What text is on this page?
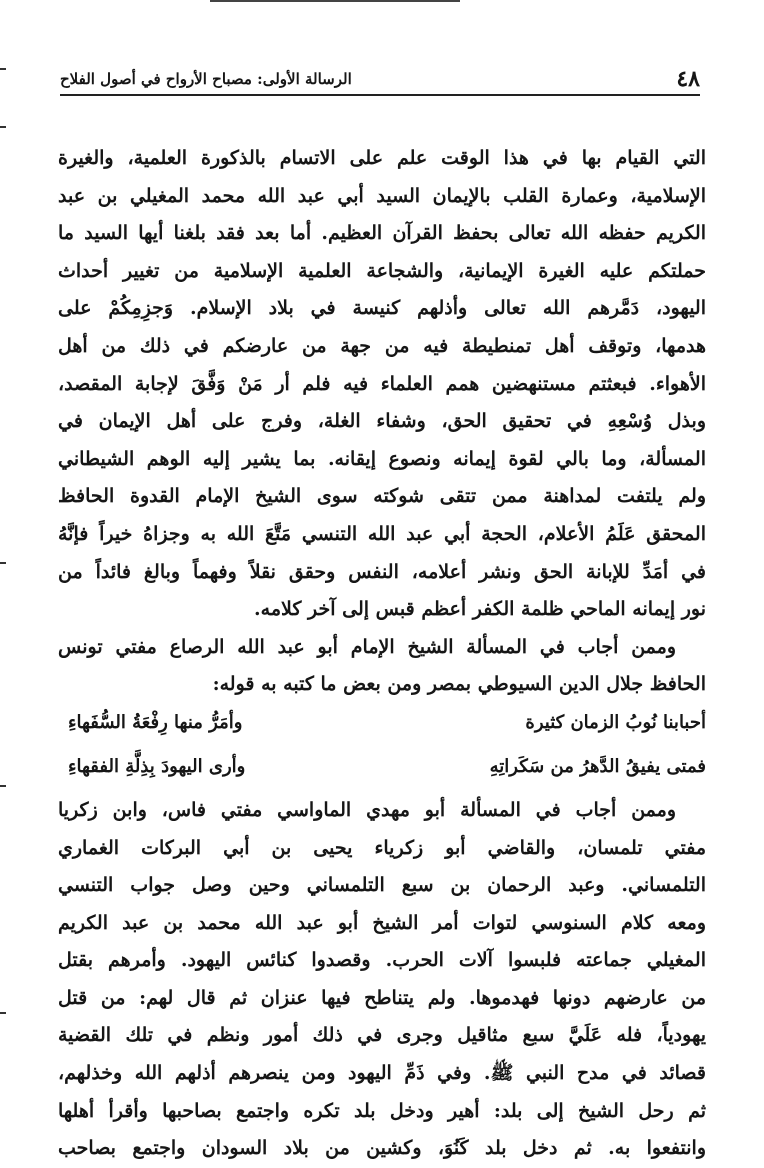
٤٨
الرسالة الأولى: مصباح الأرواح في أصول الفلاح
التي القيام بها في هذا الوقت علم على الاتسام بالذكورة العلمية، والغيرة
الإسلامية، وعمارة القلب بالإيمان السيد أبي عبد الله محمد المغيلي بن عبد
الكريم حفظه الله تعالى بحفظ القرآن العظيم. أما بعد فقد بلغنا أيها السيد ما
حملتكم عليه الغيرة الإيمانية، والشجاعة العلمية الإسلامية من تغيير أحداث
اليهود، دَمَّرهم الله تعالى وأذلهم كنيسة في بلاد الإسلام. وَجزِمِكُمْ على
هدمها، وتوقف أهل تمنطيطة فيه من جهة من عارضكم في ذلك من أهل
الأهواء. فبعثتم مستنهضين همم العلماء فيه فلم أر مَنْ وَفَّقَ لإجابة المقصد،
وبذل وُسْعِهِ في تحقيق الحق، وشفاء الغلة، وفرج على أهل الإيمان في
المسألة، وما بالي لقوة إيمانه ونصوع إيقانه. بما يشير إليه الوهم الشيطاني
ولم يلتفت لمداهنة ممن تتقى شوكته سوى الشيخ الإمام القدوة الحافظ
المحقق عَلَمُ الأعلام، الحجة أبي عبد الله التنسي مَتَّعَ الله به وجزاهُ خيراً فإنَّهُ
في أمَدِّ للإبانة الحق ونشر أعلامه، النفس وحقق نقلاً وفهماً وبالغ فائداً من
نور إيمانه الماحي ظلمة الكفر أعظم قبس إلى آخر كلامه.
وممن أجاب في المسألة الشيخ الإمام أبو عبد الله الرصاع مفتي تونس
الحافظ جلال الدين السيوطي بمصر ومن بعض ما كتبه به قوله:
أحبابنا نُوبُ الزمان كثيرة
وأمَرُّ منها رِفْعَةُ السُّفَهاءِ
فمتى يفيقُ الدَّهرُ من سَكَراتِهِ
وأرى اليهودَ بِذِلَّةِ الفقهاءِ
وممن أجاب في المسألة أبو مهدي الماواسي مفتي فاس، وابن زكريا
مفتي تلمسان، والقاضي أبو زكرياء يحيى بن أبي البركات الغماري
التلمساني. وعبد الرحمان بن سبع التلمساني وحين وصل جواب التنسي
ومعه كلام السنوسي لتوات أمر الشيخ أبو عبد الله محمد بن عبد الكريم
المغيلي جماعته فلبسوا آلات الحرب. وقصدوا كنائس اليهود. وأمرهم بقتل
من عارضهم دونها فهدموها. ولم يتناطح فيها عنزان ثم قال لهم: من قتل
يهودياً، فله عَلَيَّ سبع مثاقيل وجرى في ذلك أمور ونظم في تلك القضية
قصائد في مدح النبي ﷺ. وفي ذَمِّ اليهود ومن ينصرهم أذلهم الله وخذلهم،
ثم رحل الشيخ إلى بلد: أهير ودخل بلد تكره واجتمع بصاحبها وأقرأ أهلها
وانتفعوا به. ثم دخل بلد كَنُوَ، وكشين من بلاد السودان واجتمع بصاحب
